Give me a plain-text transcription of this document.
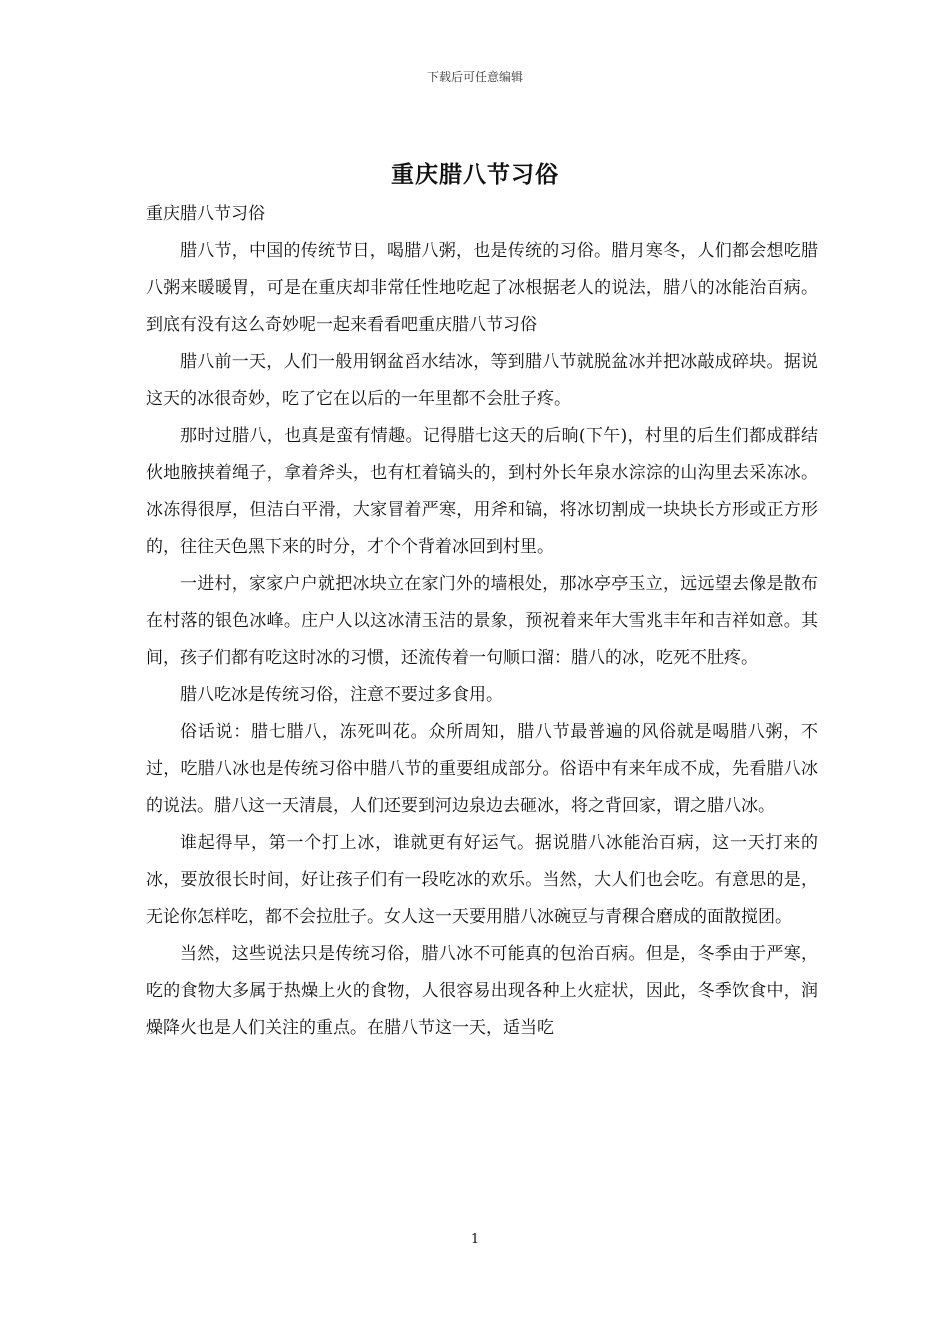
下载后可任意编辑
重庆腊八节习俗

重庆腊八节习俗

腊八节，中国的传统节日，喝腊八粥，也是传统的习俗。腊月寒冬，人们都会想吃腊八粥来暖暖胃，可是在重庆却非常任性地吃起了冰根据老人的说法，腊八的冰能治百病。到底有没有这么奇妙呢一起来看看吧重庆腊八节习俗

腊八前一天，人们一般用钢盆舀水结冰，等到腊八节就脱盆冰并把冰敲成碎块。据说这天的冰很奇妙，吃了它在以后的一年里都不会肚子疼。

那时过腊八，也真是蛮有情趣。记得腊七这天的后晌(下午)，村里的后生们都成群结伙地腋挟着绳子，拿着斧头，也有杠着镐头的，到村外长年泉水淙淙的山沟里去采冻冰。冰冻得很厚，但洁白平滑，大家冒着严寒，用斧和镐，将冰切割成一块块长方形或正方形的，往往天色黑下来的时分，才个个背着冰回到村里。

一进村，家家户户就把冰块立在家门外的墙根处，那冰亭亭玉立，远远望去像是散布在村落的银色冰峰。庄户人以这冰清玉洁的景象，预祝着来年大雪兆丰年和吉祥如意。其间，孩子们都有吃这时冰的习惯，还流传着一句顺口溜：腊八的冰，吃死不肚疼。

腊八吃冰是传统习俗，注意不要过多食用。

俗话说：腊七腊八，冻死叫花。众所周知，腊八节最普遍的风俗就是喝腊八粥，不过，吃腊八冰也是传统习俗中腊八节的重要组成部分。俗语中有来年成不成，先看腊八冰的说法。腊八这一天清晨，人们还要到河边泉边去砸冰，将之背回家，谓之腊八冰。

谁起得早，第一个打上冰，谁就更有好运气。据说腊八冰能治百病，这一天打来的冰，要放很长时间，好让孩子们有一段吃冰的欢乐。当然，大人们也会吃。有意思的是，无论你怎样吃，都不会拉肚子。女人这一天要用腊八冰碗豆与青稞合磨成的面散搅团。

当然，这些说法只是传统习俗，腊八冰不可能真的包治百病。但是，冬季由于严寒，吃的食物大多属于热燥上火的食物，人很容易出现各种上火症状，因此，冬季饮食中，润燥降火也是人们关注的重点。在腊八节这一天，适当吃

1
